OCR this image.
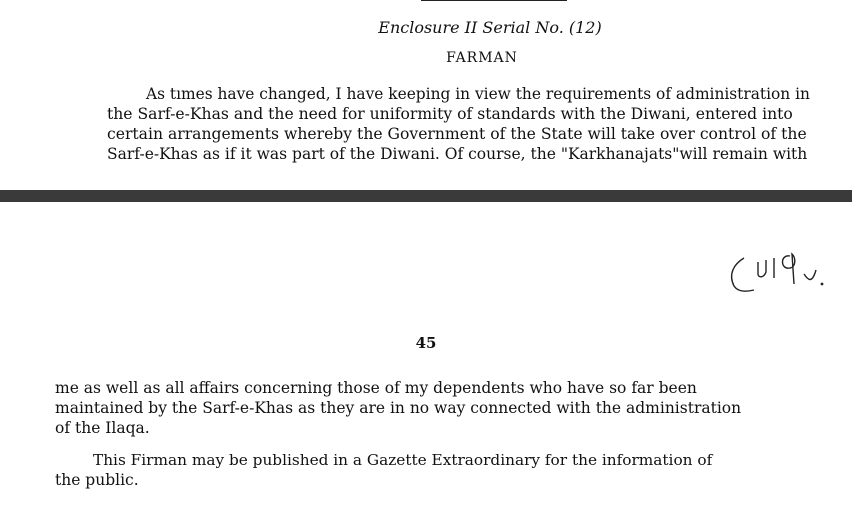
Enclosure II Serial No. (12)
FARMAN
As tımes have changed, I have keeping in view the requirements of administration in
the Sarf-e-Khas and the need for uniformity of standards with the Diwani, entered into
certain arrangements whereby the Government of the State will take over control of the
Sarf-e-Khas as if it was part of the Diwani. Of course, the "Karkhanajats"will remain with
45
me as well as all affairs concerning those of my dependents who have so far been
maintained by the Sarf-e-Khas as they are in no way connected with the administration
of the Ilaqa.
This Firman may be published in a Gazette Extraordinary for the information of
the public.
